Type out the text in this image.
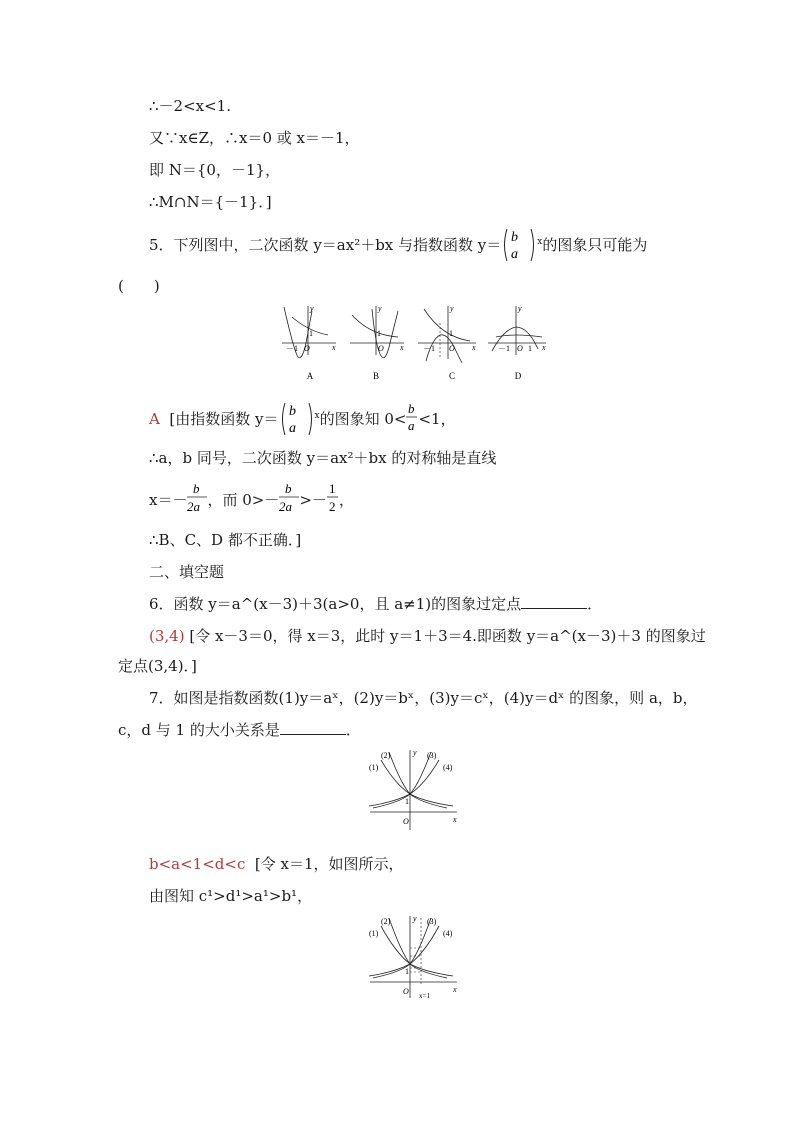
∴－2<x<1.
又∵x∈Z，∴x＝0 或 x＝－1，
即 N＝{0，－1}，
∴M∩N＝{－1}．]
5．下列图中，二次函数 y＝ax²＋bx 与指数函数 y＝ b
a
$^x$的图象只可能为
(　　)
y
x
1
O
－1
A
y
x
1
O
B
y
x
1
O
－1
C
y
x
O
－1 1
D
A [由指数函数 y＝ b
a
$^x$的图象知 0<
b
a <1，
∴a，b 同号，二次函数 y＝ax²＋bx 的对称轴是直线
x＝－
b
2a ，而 0>－
b
2a >－
1
2 ，
∴B、C、D 都不正确．]
二、填空题
6．函数 y＝a^(x－3)＋3(a>0，且 a≠1)的图象过定点	．
(3,4) [令 x－3＝0，得 x＝3，此时 y＝1＋3＝4.即函数 y＝a^(x－3)＋3 的图象过
定点(3,4)．]
7．如图是指数函数(1)y＝aˣ，(2)y＝bˣ，(3)y＝cˣ，(4)y＝dˣ 的图象，则 a，b，
c，d 与 1 的大小关系是	．
y
x
O
1
(1)
(2)	(3)
(4)
b<a<1<d<c [令 x＝1，如图所示，
由图知 c¹>d¹>a¹>b¹，
y
x
O
1
x=1
(1)
(2)	(3)
(4)
